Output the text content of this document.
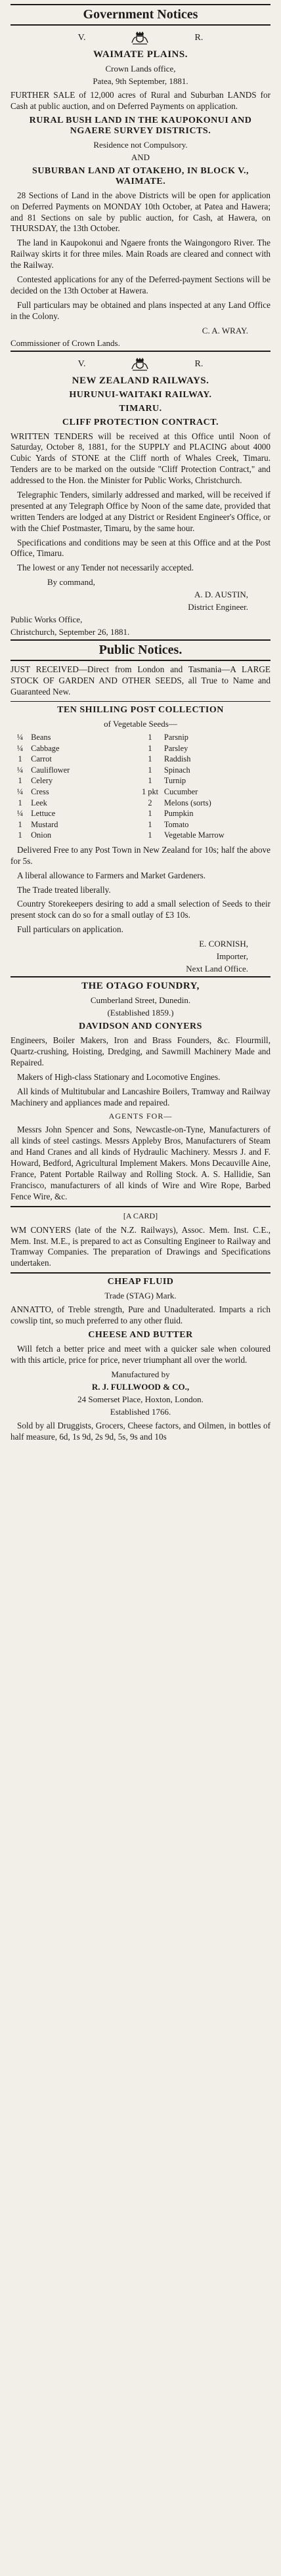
Government Notices
V.	R.
WAIMATE PLAINS.
Crown Lands office,
Patea, 9th September, 1881.

FURTHER SALE of 12,000 acres of Rural and Suburban LANDS for Cash at public auction, and on Deferred Payments on application.

RURAL BUSH LAND IN THE KAUPOKONUI AND NGAERE SURVEY DISTRICTS.
Residence not Compulsory.
AND
SUBURBAN LAND AT OTAKEHO, IN BLOCK V., WAIMATE.

28 Sections of Land in the above Districts will be open for application on Deferred Payments on MONDAY 10th October, at Patea and Hawera; and 81 Sections on sale by public auction, for Cash, at Hawera, on THURSDAY, the 13th October.

The land in Kaupokonui and Ngaere fronts the Waingongoro River. The Railway skirts it for three miles. Main Roads are cleared and connect with the Railway.

Contested applications for any of the Deferred-payment Sections will be decided on the 13th October at Hawera.

Full particulars may be obtained and plans inspected at any Land Office in the Colony.

C. A. WRAY.
Commissioner of Crown Lands.
V.	R.
NEW ZEALAND RAILWAYS.
HURUNUI-WAITAKI RAILWAY.
TIMARU.
CLIFF PROTECTION CONTRACT.

WRITTEN TENDERS will be received at this Office until Noon of Saturday, October 8, 1881, for the SUPPLY and PLACING about 4000 Cubic Yards of STONE at the Cliff north of Whales Creek, Timaru. Tenders are to be marked on the outside "Cliff Protection Contract," and addressed to the Hon. the Minister for Public Works, Christchurch.

Telegraphic Tenders, similarly addressed and marked, will be received if presented at any Telegraph Office by Noon of the same date, provided that written Tenders are lodged at any District or Resident Engineer's Office, or with the Chief Postmaster, Timaru, by the same hour.

Specifications and conditions may be seen at this Office and at the Post Office, Timaru.

The lowest or any Tender not necessarily accepted.

By command,
A. D. AUSTIN,
District Engineer.
Public Works Office,
Christchurch, September 26, 1881.
Public Notices.

JUST RECEIVED—Direct from London and Tasmania—A LARGE STOCK OF GARDEN AND OTHER SEEDS, all True to Name and Guaranteed New.

TEN SHILLING POST COLLECTION
of Vegetable Seeds—
¼	Beans	1	Parsnip
¼	Cabbage	1	Parsley
1	Carrot	1	Raddish
¼	Cauliflower	1	Spinach
1	Celery	1	Turnip
¼	Cress	1 pkt	Cucumber
1	Leek	2	Melons (sorts)
¼	Lettuce	1	Pumpkin
1	Mustard	1	Tomato
1	Onion	1	Vegetable Marrow

Delivered Free to any Post Town in New Zealand for 10s; half the above for 5s.

A liberal allowance to Farmers and Market Gardeners.

The Trade treated liberally.

Country Storekeepers desiring to add a small selection of Seeds to their present stock can do so for a small outlay of £3 10s.

Full particulars on application.

E. CORNISH,
Importer,
Next Land Office.
THE OTAGO FOUNDRY,
Cumberland Street, Dunedin.
(Established 1859.)
DAVIDSON AND CONYERS

Engineers, Boiler Makers, Iron and Brass Founders, &c. Flourmill, Quartz-crushing, Hoisting, Dredging, and Sawmill Machinery Made and Repaired.

Makers of High-class Stationary and Locomotive Engines.

All kinds of Multitubular and Lancashire Boilers, Tramway and Railway Machinery and appliances made and repaired.

AGENTS FOR—

Messrs John Spencer and Sons, Newcastle-on-Tyne, Manufacturers of all kinds of steel castings. Messrs Appleby Bros, Manufacturers of Steam and Hand Cranes and all kinds of Hydraulic Machinery. Messrs J. and F. Howard, Bedford, Agricultural Implement Makers. Mons Decauville Aine, France, Patent Portable Railway and Rolling Stock. A. S. Hallidie, San Francisco, manufacturers of all kinds of Wire and Wire Rope, Barbed Fence Wire, &c.

[A CARD]

WM CONYERS (late of the N.Z. Railways), Assoc. Mem. Inst. C.E., Mem. Inst. M.E., is prepared to act as Consulting Engineer to Railway and Tramway Companies. The preparation of Drawings and Specifications undertaken.

CHEAP FLUID
Trade (STAG) Mark.

ANNATTO, of Treble strength, Pure and Unadulterated. Imparts a rich cowslip tint, so much preferred to any other fluid.

CHEESE AND BUTTER

Will fetch a better price and meet with a quicker sale when coloured with this article, price for price, never triumphant all over the world.

Manufactured by
R. J. FULLWOOD & CO.,
24 Somerset Place, Hoxton, London.
Established 1766.

Sold by all Druggists, Grocers, Cheese factors, and Oilmen, in bottles of half measure, 6d, 1s 9d, 2s 9d, 5s, 9s and 10s
